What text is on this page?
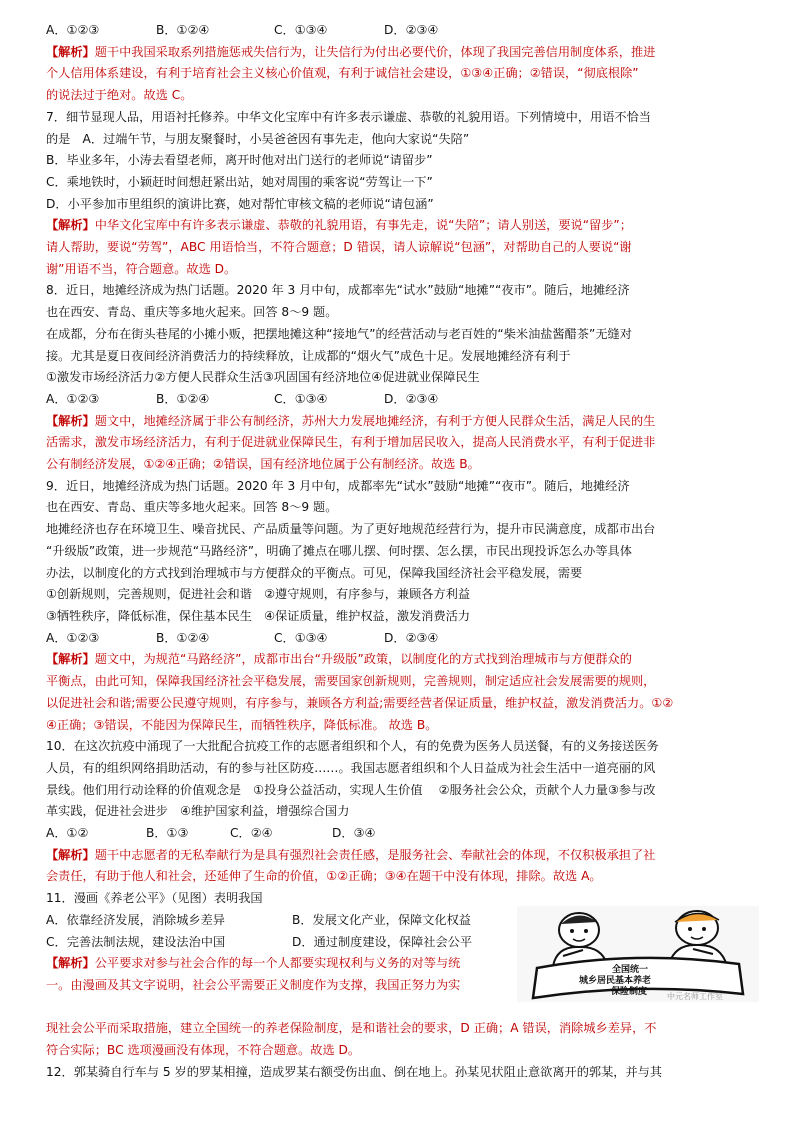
A．①②③	B．①②④	C．①③④	D．②③④
【解析】题干中我国采取系列措施惩戒失信行为，让失信行为付出必要代价，体现了我国完善信用制度体系，推进
个人信用体系建设，有利于培育社会主义核心价值观，有利于诚信社会建设，①③④正确；②错误，“彻底根除”
的说法过于绝对。故选 C。
7．细节显现人品，用语衬托修养。中华文化宝库中有许多表示谦虚、恭敬的礼貌用语。下列情境中，用语不恰当
的是　A．过端午节，与朋友聚餐时，小吴爸爸因有事先走，他向大家说“失陪”
B．毕业多年，小涛去看望老师，离开时他对出门送行的老师说“请留步”
C．乘地铁时，小颖赶时间想赶紧出站，她对周围的乘客说“劳驾让一下”
D．小平参加市里组织的演讲比赛，她对帮忙审核文稿的老师说“请包涵”
【解析】中华文化宝库中有许多表示谦虚、恭敬的礼貌用语，有事先走，说“失陪”；请人别送，要说“留步”；
请人帮助，要说“劳驾”，ABC 用语恰当，不符合题意；D 错误，请人谅解说“包涵”，对帮助自己的人要说“谢
谢”用语不当，符合题意。故选 D。
8．近日，地摊经济成为热门话题。2020 年 3 月中旬，成都率先“试水”鼓励“地摊”“夜市”。随后，地摊经济
也在西安、青岛、重庆等多地火起来。回答 8～9 题。
在成都，分布在街头巷尾的小摊小贩，把摆地摊这种“接地气”的经营活动与老百姓的“柴米油盐酱醋茶”无缝对
接。尤其是夏日夜间经济消费活力的持续释放，让成都的“烟火气”成色十足。发展地摊经济有利于
①激发市场经济活力②方便人民群众生活③巩固国有经济地位④促进就业保障民生
A．①②③	B．①②④	C．①③④	D．②③④
【解析】题文中，地摊经济属于非公有制经济，苏州大力发展地摊经济，有利于方便人民群众生活，满足人民的生
活需求，激发市场经济活力，有利于促进就业保障民生，有利于增加居民收入，提高人民消费水平，有利于促进非
公有制经济发展，①②④正确；②错误，国有经济地位属于公有制经济。故选 B。
9．近日，地摊经济成为热门话题。2020 年 3 月中旬，成都率先“试水”鼓励“地摊”“夜市”。随后，地摊经济
也在西安、青岛、重庆等多地火起来。回答 8～9 题。
地摊经济也存在环境卫生、噪音扰民、产品质量等问题。为了更好地规范经营行为，提升市民满意度，成都市出台
“升级版”政策，进一步规范“马路经济”，明确了摊点在哪儿摆、何时摆、怎么摆，市民出现投诉怎么办等具体
办法，以制度化的方式找到治理城市与方便群众的平衡点。可见，保障我国经济社会平稳发展，需要
①创新规则，完善规则，促进社会和谐　②遵守规则，有序参与，兼顾各方利益
③牺牲秩序，降低标准，保住基本民生　④保证质量，维护权益，激发消费活力
A．①②③	B．①②④	C．①③④	D．②③④
【解析】题文中，为规范“马路经济”，成都市出台“升级版”政策，以制度化的方式找到治理城市与方便群众的
平衡点，由此可知，保障我国经济社会平稳发展，需要国家创新规则，完善规则，制定适应社会发展需要的规则，
以促进社会和谐;需要公民遵守规则，有序参与，兼顾各方利益;需要经营者保证质量，维护权益，激发消费活力。①②
④正确；③错误，不能因为保障民生，而牺牲秩序，降低标准。 故选 B。
10．在这次抗疫中涌现了一大批配合抗疫工作的志愿者组织和个人，有的免费为医务人员送餐，有的义务接送医务
人员，有的组织网络捐助活动，有的参与社区防疫……。我国志愿者组织和个人日益成为社会生活中一道亮丽的风
景线。他们用行动诠释的价值观念是　①投身公益活动，实现人生价值　 ②服务社会公众，贡献个人力量③参与改
革实践，促进社会进步　④维护国家利益，增强综合国力
A．①②	B．①③	C．②④	D．③④
【解析】题干中志愿者的无私奉献行为是具有强烈社会责任感，是服务社会、奉献社会的体现，不仅积极承担了社
会责任，有助于他人和社会，还延伸了生命的价值，①②正确；③④在题干中没有体现，排除。故选 A。
11．漫画《养老公平》（见图）表明我国
A．依靠经济发展，消除城乡差异	B．发展文化产业，保障文化权益
C．完善法制法规，建设法治中国	D．通过制度建设，保障社会公平
【解析】公平要求对参与社会合作的每一个人都要实现权利与义务的对等与统
一。由漫画及其文字说明，社会公平需要正义制度作为支撑，我国正努力为实
现社会公平而采取措施，建立全国统一的养老保险制度，是和谐社会的要求，D 正确；A 错误，消除城乡差异，不
符合实际；BC 选项漫画没有体现，不符合题意。故选 D。
12．郭某骑自行车与 5 岁的罗某相撞，造成罗某右额受伤出血、倒在地上。孙某见状阻止意欲离开的郭某，并与其
全国统一
城乡居民基本养老
保险制度 中元名师工作室
